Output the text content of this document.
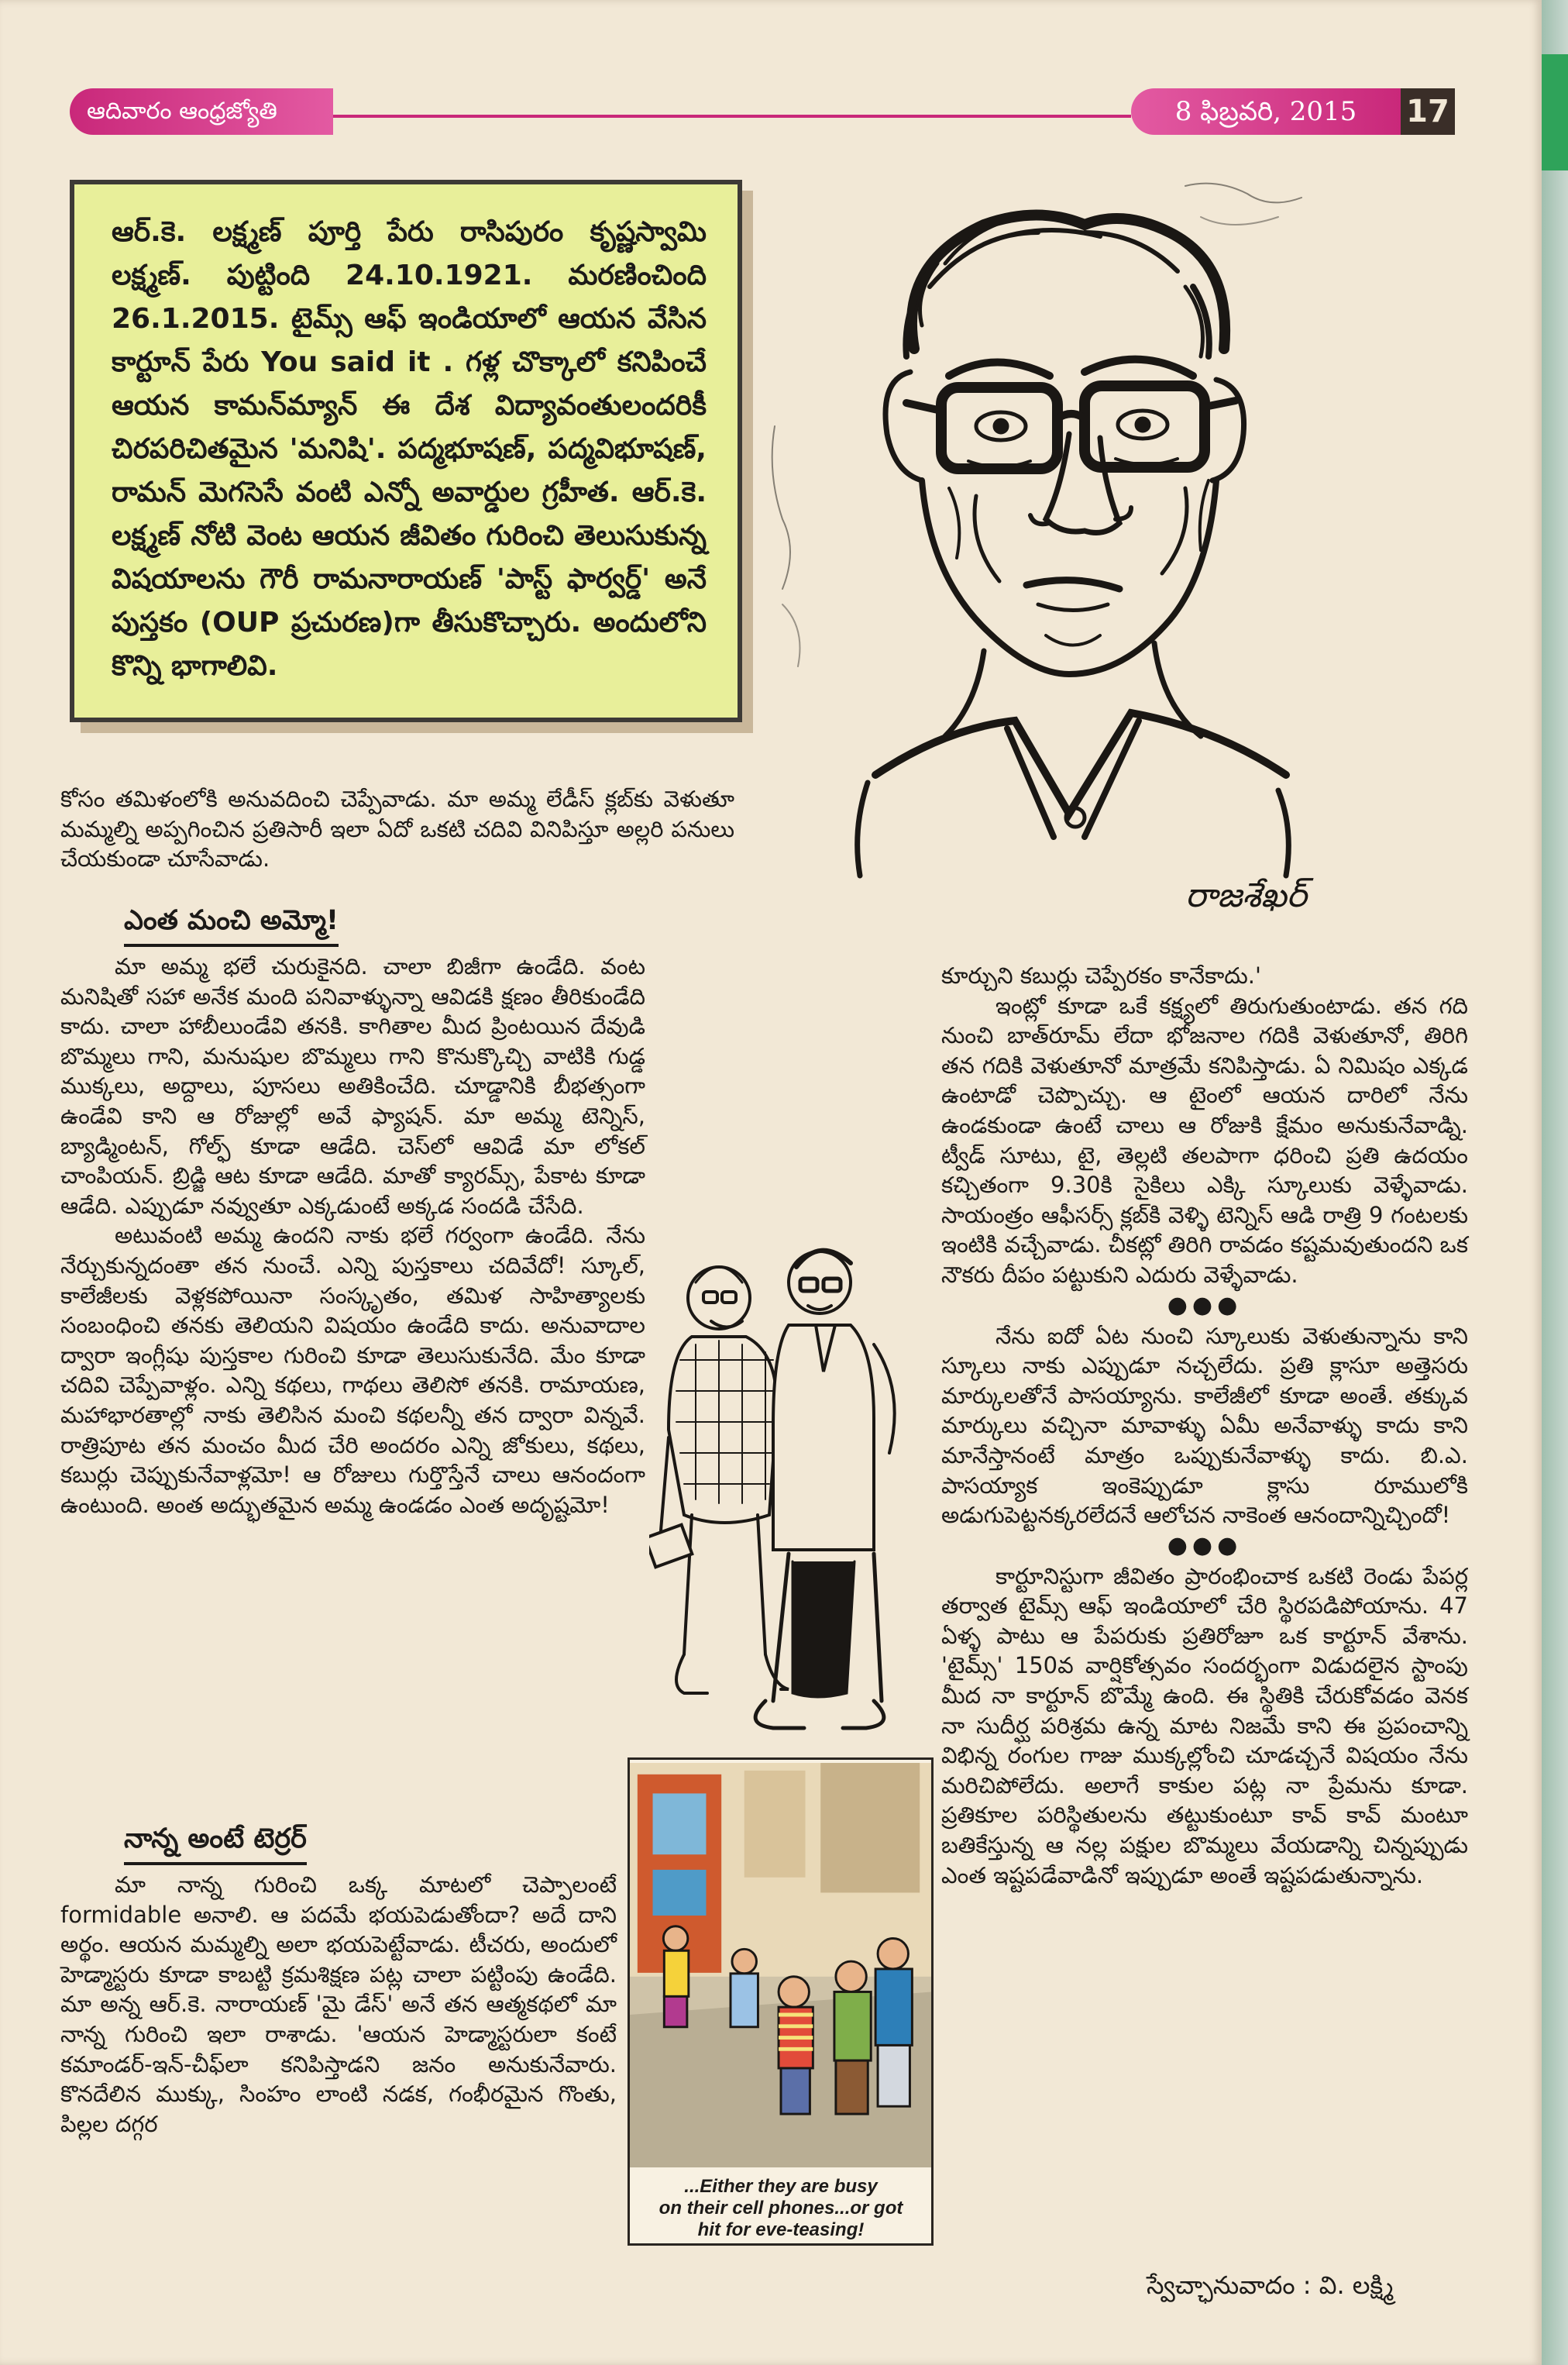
ఆదివారం ఆంధ్రజ్యోతి	8 ఫిబ్రవరి, 2015	17
ఆర్.కె. లక్ష్మణ్ పూర్తి పేరు రాసిపురం కృష్ణస్వామి లక్ష్మణ్. పుట్టింది 24.10.1921. మరణించింది 26.1.2015. టైమ్స్ ఆఫ్ ఇండియాలో ఆయన వేసిన కార్టూన్ పేరు You said it . గళ్ల చొక్కాలో కనిపించే ఆయన కామన్‌మ్యాన్ ఈ దేశ విద్యావంతులందరికీ చిరపరిచితమైన 'మనిషి'. పద్మభూషణ్, పద్మవిభూషణ్, రామన్ మెగసెసే వంటి ఎన్నో అవార్డుల గ్రహీత. ఆర్.కె. లక్ష్మణ్ నోటి వెంట ఆయన జీవితం గురించి తెలుసుకున్న విషయాలను గౌరీ రామనారాయణ్ 'పాస్ట్ ఫార్వర్డ్' అనే పుస్తకం (OUP ప్రచురణ)గా తీసుకొచ్చారు. అందులోని కొన్ని భాగాలివి.
రాజశేఖర్

కోసం తమిళంలోకి అనువదించి చెప్పేవాడు. మా అమ్మ లేడీస్ క్లబ్‌కు వెళుతూ మమ్మల్ని అప్పగించిన ప్రతిసారీ ఇలా ఏదో ఒకటి చదివి వినిపిస్తూ అల్లరి పనులు చేయకుండా చూసేవాడు.

ఎంత మంచి అమ్మో!

మా అమ్మ భలే చురుకైనది. చాలా బిజీగా ఉండేది. వంట మనిషితో సహా అనేక మంది పనివాళ్ళున్నా ఆవిడకి క్షణం తీరికుండేది కాదు. చాలా హాబీలుండేవి తనకి. కాగితాల మీద ప్రింటయిన దేవుడి బొమ్మలు గాని, మనుషుల బొమ్మలు గాని కొనుక్కొచ్చి వాటికి గుడ్డ ముక్కలు, అద్దాలు, పూసలు అతికించేది. చూడ్డానికి బీభత్సంగా ఉండేవి కాని ఆ రోజుల్లో అవే ఫ్యాషన్. మా అమ్మ టెన్నిస్, బ్యాడ్మింటన్, గోల్ఫ్ కూడా ఆడేది. చెస్‌లో ఆవిడే మా లోకల్ చాంపియన్. బ్రిడ్జి ఆట కూడా ఆడేది. మాతో క్యారమ్స్, పేకాట కూడా ఆడేది. ఎప్పుడూ నవ్వుతూ ఎక్కడుంటే అక్కడ సందడి చేసేది.

అటువంటి అమ్మ ఉందని నాకు భలే గర్వంగా ఉండేది. నేను నేర్చుకున్నదంతా తన నుంచే. ఎన్ని పుస్తకాలు చదివేదో! స్కూల్, కాలేజీలకు వెళ్లకపోయినా సంస్కృతం, తమిళ సాహిత్యాలకు సంబంధించి తనకు తెలియని విషయం ఉండేది కాదు. అనువాదాల ద్వారా ఇంగ్లీషు పుస్తకాల గురించి కూడా తెలుసుకునేది. మేం కూడా చదివి చెప్పేవాళ్లం. ఎన్ని కథలు, గాథలు తెలిసో తనకి. రామాయణ, మహాభారతాల్లో నాకు తెలిసిన మంచి కథలన్నీ తన ద్వారా విన్నవే. రాత్రిపూట తన మంచం మీద చేరి అందరం ఎన్ని జోకులు, కథలు, కబుర్లు చెప్పుకునేవాళ్లమో! ఆ రోజులు గుర్తొస్తేనే చాలు ఆనందంగా ఉంటుంది. అంత అద్భుతమైన అమ్మ ఉండడం ఎంత అదృష్టమో!

నాన్న అంటే టెర్రర్

మా నాన్న గురించి ఒక్క మాటలో చెప్పాలంటే formidable అనాలి. ఆ పదమే భయపెడుతోందా? అదే దాని అర్థం. ఆయన మమ్మల్ని అలా భయపెట్టేవాడు. టీచరు, అందులో హెడ్మాస్టరు కూడా కాబట్టి క్రమశిక్షణ పట్ల చాలా పట్టింపు ఉండేది. మా అన్న ఆర్.కె. నారాయణ్ 'మై డేస్' అనే తన ఆత్మకథలో మా నాన్న గురించి ఇలా రాశాడు. 'ఆయన హెడ్మాస్టరులా కంటే కమాండర్-ఇన్-చీఫ్‌లా కనిపిస్తాడని జనం అనుకునేవారు. కొనదేలిన ముక్కు, సింహం లాంటి నడక, గంభీరమైన గొంతు, పిల్లల దగ్గర

కూర్చుని కబుర్లు చెప్పేరకం కానేకాదు.'

ఇంట్లో కూడా ఒకే కక్ష్యలో తిరుగుతుంటాడు. తన గది నుంచి బాత్‌రూమ్ లేదా భోజనాల గదికి వెళుతూనో, తిరిగి తన గదికి వెళుతూనో మాత్రమే కనిపిస్తాడు. ఏ నిమిషం ఎక్కడ ఉంటాడో చెప్పొచ్చు. ఆ టైంలో ఆయన దారిలో నేను ఉండకుండా ఉంటే చాలు ఆ రోజుకి క్షేమం అనుకునేవాడ్ని. ట్వీడ్ సూటు, టై, తెల్లటి తలపాగా ధరించి ప్రతి ఉదయం కచ్చితంగా 9.30కి సైకిలు ఎక్కి స్కూలుకు వెళ్ళేవాడు. సాయంత్రం ఆఫీసర్స్ క్లబ్‌కి వెళ్ళి టెన్నిస్ ఆడి రాత్రి 9 గంటలకు ఇంటికి వచ్చేవాడు. చీకట్లో తిరిగి రావడం కష్టమవుతుందని ఒక నౌకరు దీపం పట్టుకుని ఎదురు వెళ్ళేవాడు.

●●●

నేను ఐదో ఏట నుంచి స్కూలుకు వెళుతున్నాను కాని స్కూలు నాకు ఎప్పుడూ నచ్చలేదు. ప్రతి క్లాసూ అత్తెసరు మార్కులతోనే పాసయ్యాను. కాలేజీలో కూడా అంతే. తక్కువ మార్కులు వచ్చినా మావాళ్ళు ఏమీ అనేవాళ్ళు కాదు కాని మానేస్తానంటే మాత్రం ఒప్పుకునేవాళ్ళు కాదు. బి.ఎ. పాసయ్యాక ఇంకెప్పుడూ క్లాసు రూములోకి అడుగుపెట్టనక్కరలేదనే ఆలోచన నాకెంత ఆనందాన్నిచ్చిందో!

●●●

కార్టూనిస్టుగా జీవితం ప్రారంభించాక ఒకటి రెండు పేపర్ల తర్వాత టైమ్స్ ఆఫ్ ఇండియాలో చేరి స్థిరపడిపోయాను. 47 ఏళ్ళ పాటు ఆ పేపరుకు ప్రతిరోజూ ఒక కార్టూన్ వేశాను. 'టైమ్స్' 150వ వార్షికోత్సవం సందర్భంగా విడుదలైన స్టాంపు మీద నా కార్టూన్ బొమ్మే ఉంది. ఈ స్థితికి చేరుకోవడం వెనక నా సుదీర్ఘ పరిశ్రమ ఉన్న మాట నిజమే కాని ఈ ప్రపంచాన్ని విభిన్న రంగుల గాజు ముక్కల్లోంచి చూడచ్చనే విషయం నేను మరిచిపోలేదు. అలాగే కాకుల పట్ల నా ప్రేమను కూడా. ప్రతికూల పరిస్థితులను తట్టుకుంటూ కావ్ కావ్ మంటూ బతికేస్తున్న ఆ నల్ల పక్షుల బొమ్మలు వేయడాన్ని చిన్నప్పుడు ఎంత ఇష్టపడేవాడినో ఇప్పుడూ అంతే ఇష్టపడుతున్నాను.

స్వేచ్ఛానువాదం : వి. లక్ష్మి
...Either they are busy
on their cell phones...or got
hit for eve-teasing!
